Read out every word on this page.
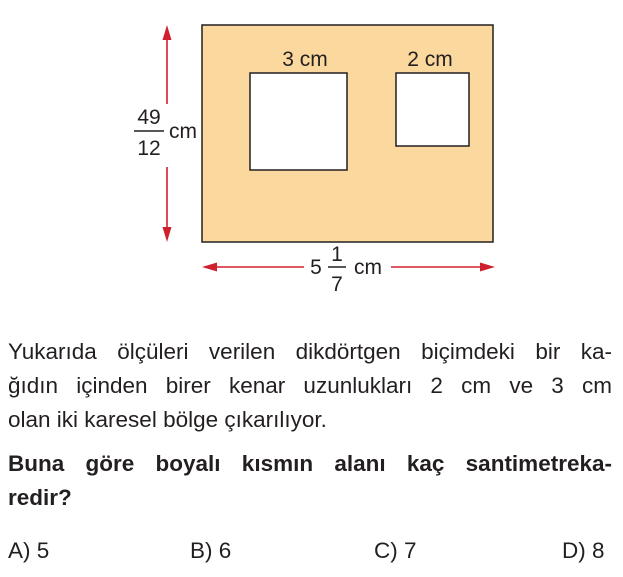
3 cm	2 cm
49
12
cm
5
1
7
cm
Yukarıda ölçüleri verilen dikdörtgen biçimdeki bir ka-
ğıdın içinden birer kenar uzunlukları 2 cm ve 3 cm
olan iki karesel bölge çıkarılıyor.
Buna göre boyalı kısmın alanı kaç santimetreka-
redir?
A) 5	B) 6	C) 7	D) 8
